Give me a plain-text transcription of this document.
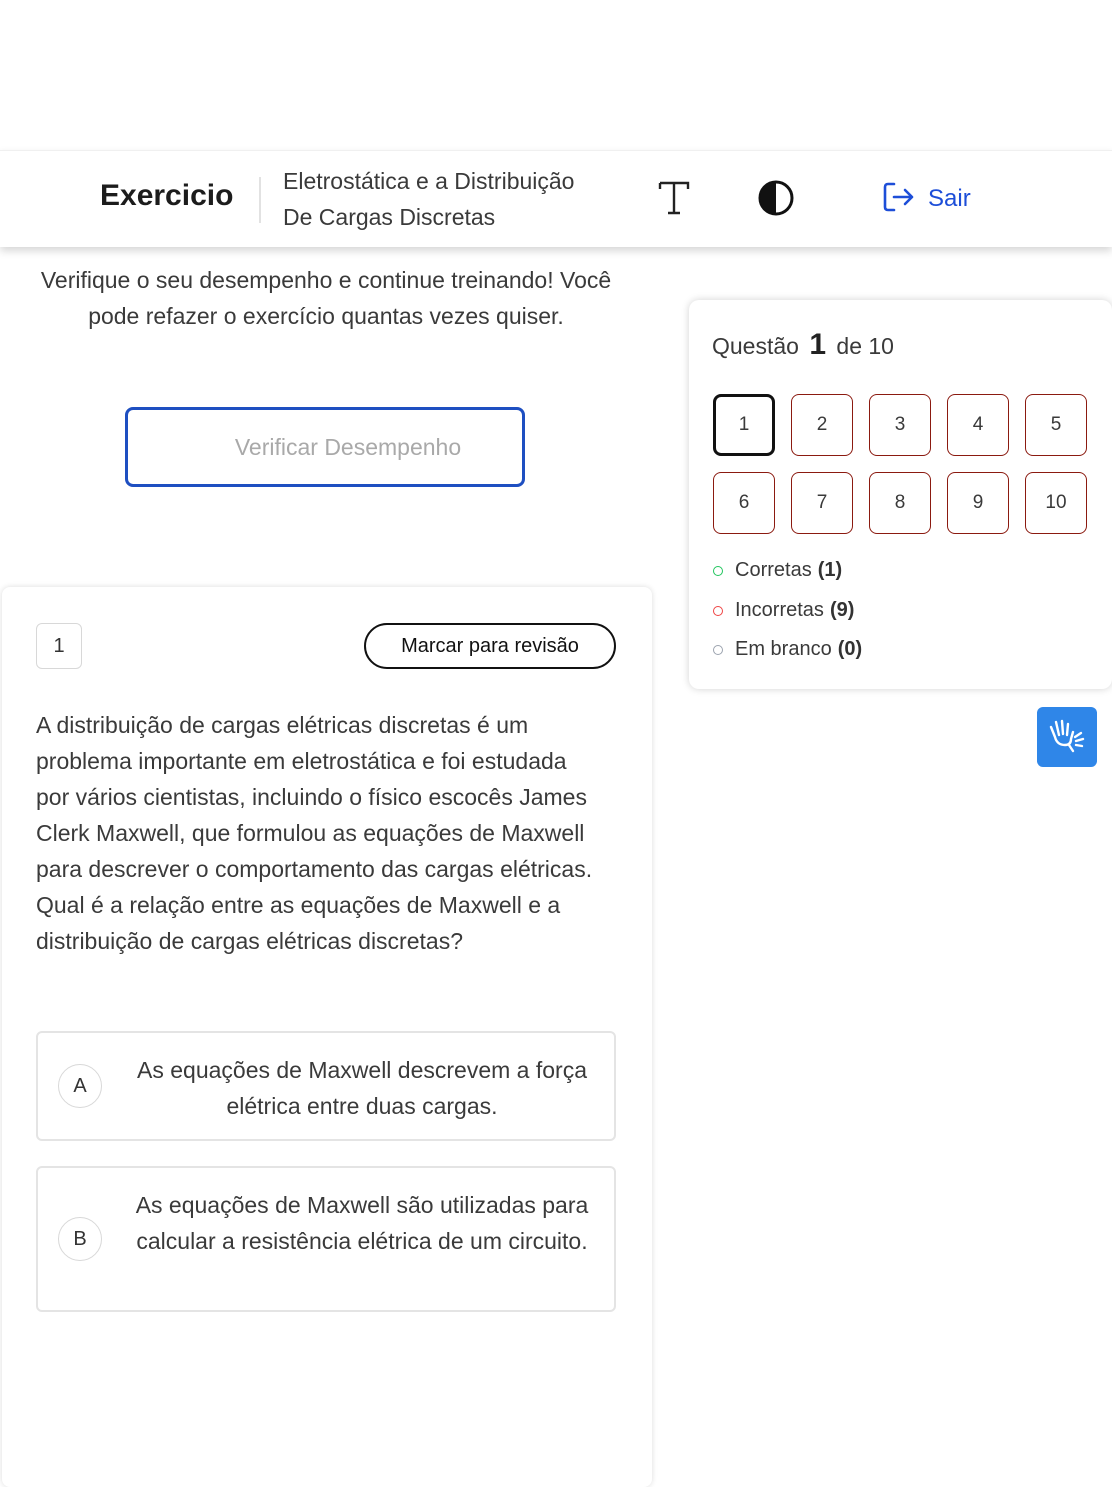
Exercicio Eletrostática e a Distribuição
De Cargas Discretas
Sair
Verifique o seu desempenho e continue treinando! Você pode refazer o exercício quantas vezes quiser.
Verificar Desempenho
1	Marcar para revisão
A distribuição de cargas elétricas discretas é um problema importante em eletrostática e foi estudada por vários cientistas, incluindo o físico escocês James Clerk Maxwell, que formulou as equações de Maxwell para descrever o comportamento das cargas elétricas. Qual é a relação entre as equações de Maxwell e a distribuição de cargas elétricas discretas?
A
As equações de Maxwell descrevem a força elétrica entre duas cargas.
B
As equações de Maxwell são utilizadas para calcular a resistência elétrica de um circuito.
Questão 1 de 10
1	2	3	4	5
6	7	8	9	10
Corretas (1)
Incorretas (9)
Em branco (0)
